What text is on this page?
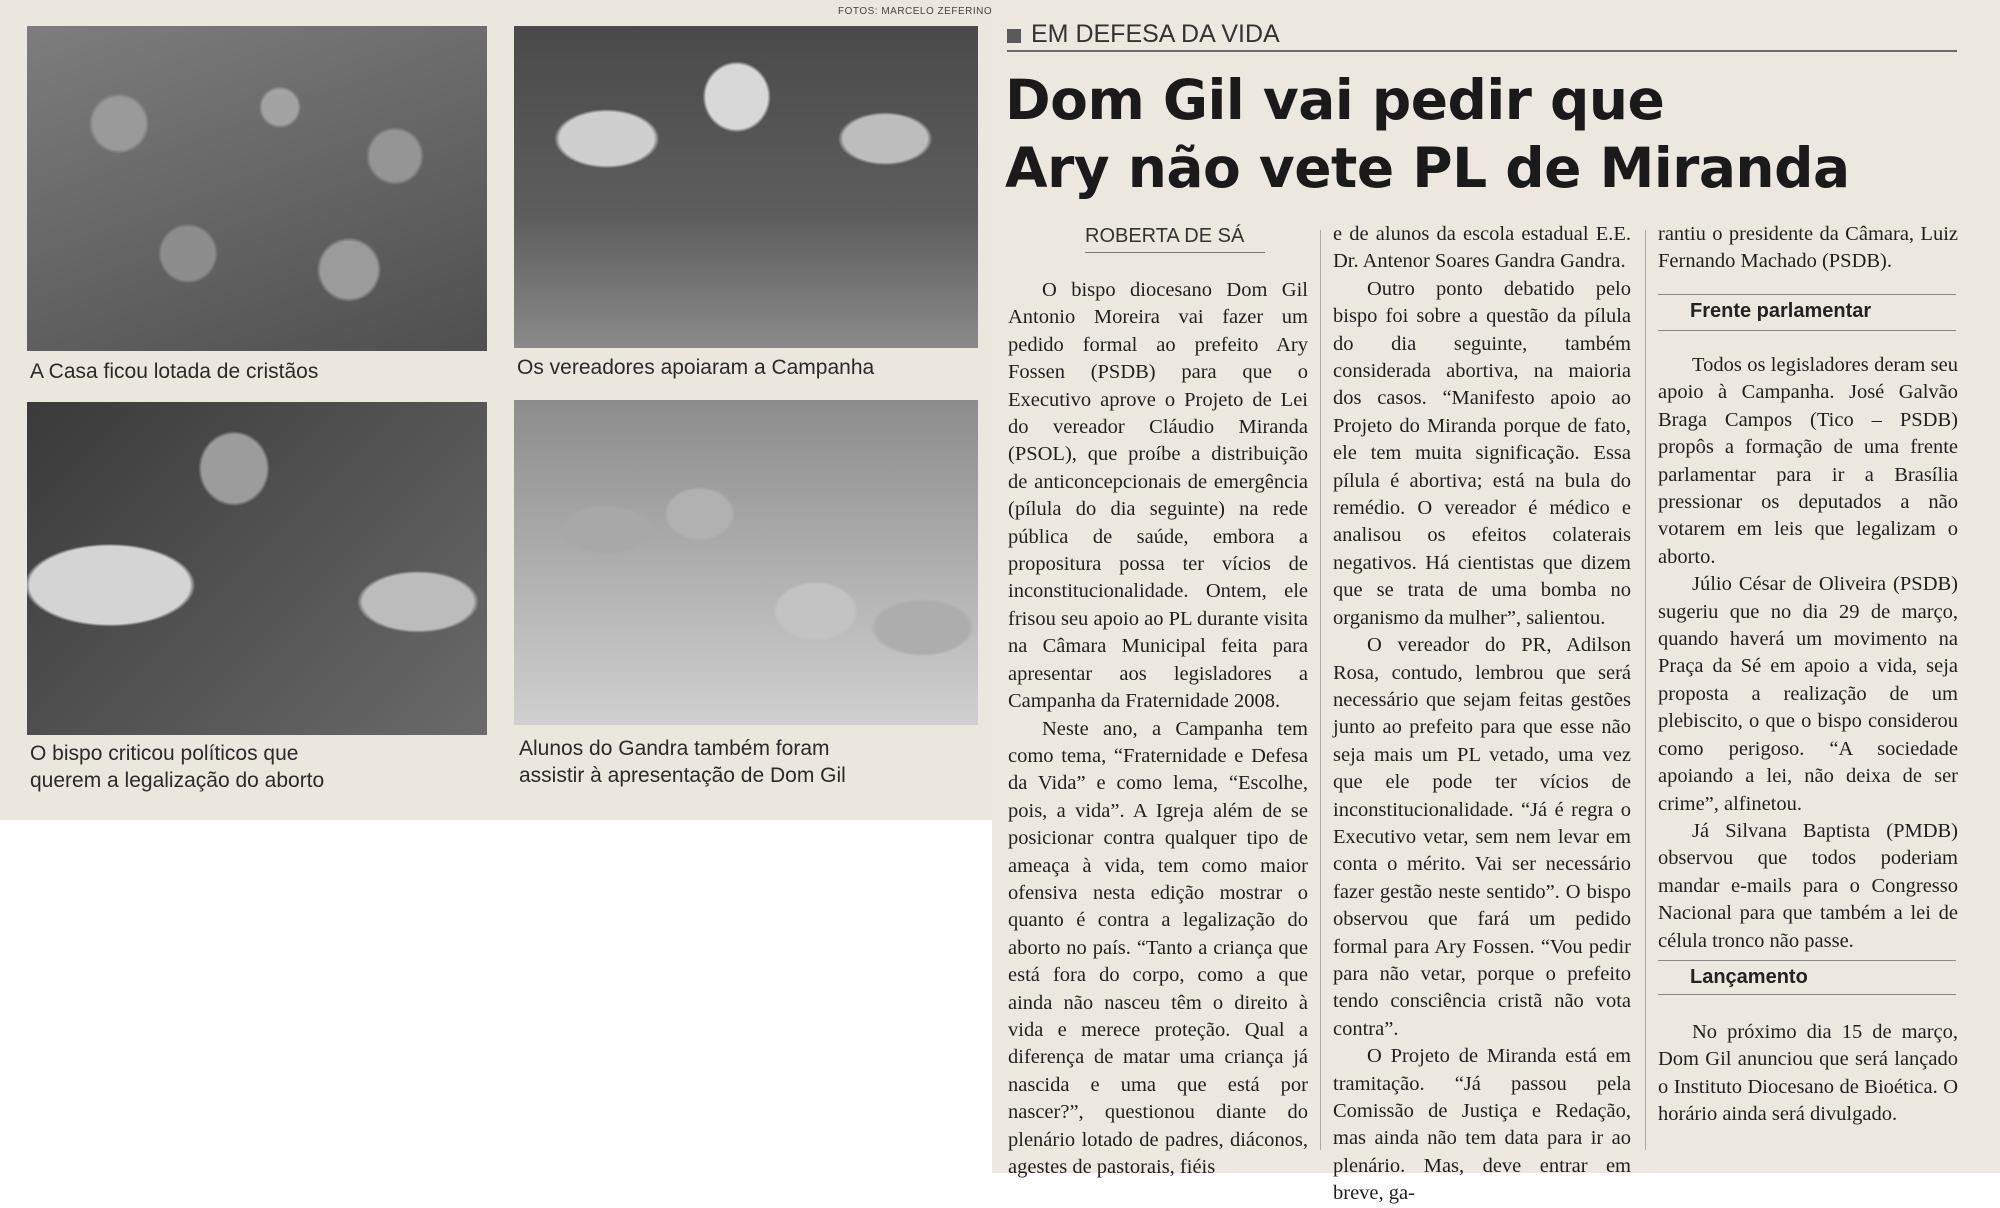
FOTOS: MARCELO ZEFERINO
A Casa ficou lotada de cristãos	Os vereadores apoiaram a Campanha
O bispo criticou políticos que
querem a legalização do aborto
Alunos do Gandra também foram
assistir à apresentação de Dom Gil
EM DEFESA DA VIDA
Dom Gil vai pedir que
Ary não vete PL de Miranda
ROBERTA DE SÁ

O bispo diocesano Dom Gil Antonio Moreira vai fazer um pedido formal ao prefeito Ary Fossen (PSDB) para que o Executivo aprove o Projeto de Lei do vereador Cláudio Miranda (PSOL), que proíbe a distribuição de anticoncepcionais de emergência (pílula do dia seguinte) na rede pública de saúde, embora a propositura possa ter vícios de inconstitucionalidade. Ontem, ele frisou seu apoio ao PL durante visita na Câmara Municipal feita para apresentar aos legisladores a Campanha da Fraternidade 2008.

Neste ano, a Campanha tem como tema, “Fraternidade e Defesa da Vida” e como lema, “Escolhe, pois, a vida”. A Igreja além de se posicionar contra qualquer tipo de ameaça à vida, tem como maior ofensiva nesta edição mostrar o quanto é contra a legalização do aborto no país. “Tanto a criança que está fora do corpo, como a que ainda não nasceu têm o direito à vida e merece proteção. Qual a diferença de matar uma criança já nascida e uma que está por nascer?”, questionou diante do plenário lotado de padres, diáconos, agestes de pastorais, fiéis

e de alunos da escola estadual E.E. Dr. Antenor Soares Gandra Gandra.

Outro ponto debatido pelo bispo foi sobre a questão da pílula do dia seguinte, também considerada abortiva, na maioria dos casos. “Manifesto apoio ao Projeto do Miranda porque de fato, ele tem muita significação. Essa pílula é abortiva; está na bula do remédio. O vereador é médico e analisou os efeitos colaterais negativos. Há cientistas que dizem que se trata de uma bomba no organismo da mulher”, salientou.

O vereador do PR, Adilson Rosa, contudo, lembrou que será necessário que sejam feitas gestões junto ao prefeito para que esse não seja mais um PL vetado, uma vez que ele pode ter vícios de inconstitucionalidade. “Já é regra o Executivo vetar, sem nem levar em conta o mérito. Vai ser necessário fazer gestão neste sentido”. O bispo observou que fará um pedido formal para Ary Fossen. “Vou pedir para não vetar, porque o prefeito tendo consciência cristã não vota contra”.

O Projeto de Miranda está em tramitação. “Já passou pela Comissão de Justiça e Redação, mas ainda não tem data para ir ao plenário. Mas, deve entrar em breve, ga-

rantiu o presidente da Câmara, Luiz Fernando Machado (PSDB).

Frente parlamentar

Todos os legisladores deram seu apoio à Campanha. José Galvão Braga Campos (Tico – PSDB) propôs a formação de uma frente parlamentar para ir a Brasília pressionar os deputados a não votarem em leis que legalizam o aborto.

Júlio César de Oliveira (PSDB) sugeriu que no dia 29 de março, quando haverá um movimento na Praça da Sé em apoio a vida, seja proposta a realização de um plebiscito, o que o bispo considerou como perigoso. “A sociedade apoiando a lei, não deixa de ser crime”, alfinetou.

Já Silvana Baptista (PMDB) observou que todos poderiam mandar e-mails para o Congresso Nacional para que também a lei de célula tronco não passe.

Lançamento

No próximo dia 15 de março, Dom Gil anunciou que será lançado o Instituto Diocesano de Bioética. O horário ainda será divulgado.
